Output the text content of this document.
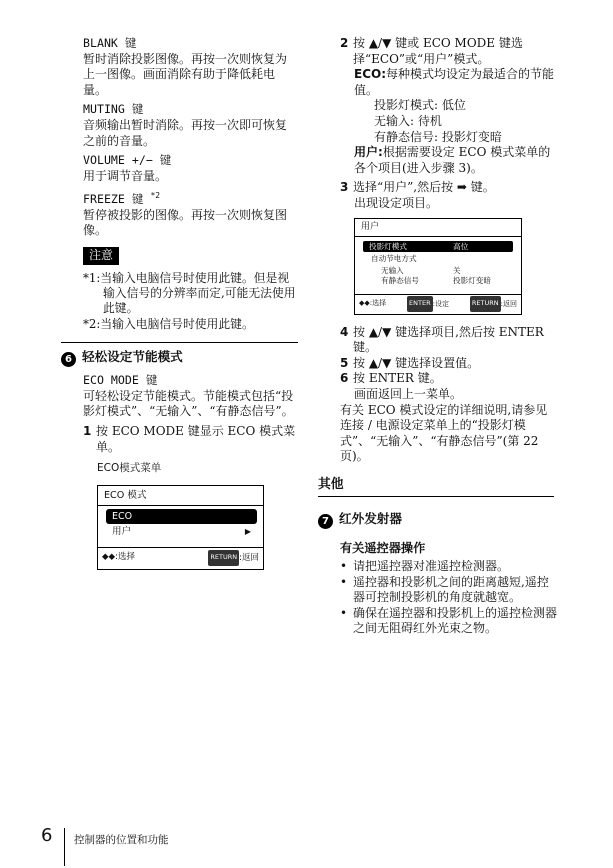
BLANK 键
暂时消除投影图像。再按一次则恢复为上一图像。画面消除有助于降低耗电量。
MUTING 键
音频输出暂时消除。再按一次即可恢复之前的音量。
VOLUME +/− 键
用于调节音量。
FREEZE 键 $^{*2}$
暂停被投影的图像。再按一次则恢复图像。
注意
*1:当输入电脑信号时使用此键。但是视输入信号的分辨率而定,可能无法使用此键。
*2:当输入电脑信号时使用此键。
6 轻松设定节能模式
ECO MODE 键
可轻松设定节能模式。节能模式包括“投影灯模式”、“无输入”、“有静态信号”。
1 按 ECO MODE 键显示 ECO 模式菜单。
ECO模式菜单
ECO 模式
ECO
用户	▶
◆◆:选择	RETURN :返回
2 按 ▲/▼ 键或 ECO MODE 键选择“ECO”或“用户”模式。
ECO:每种模式均设定为最适合的节能值。
投影灯模式: 低位
无输入: 待机
有静态信号: 投影灯变暗
用户:根据需要设定 ECO 模式菜单的各个项目(进入步骤 3)。
3 选择“用户”,然后按 ➡ 键。
出现设定项目。
用户
投影灯模式	高位
自动节电方式
无输入	关
有静态信号	投影灯变暗
◆◆:选择	ENTER :设定	RETURN :返回
4 按 ▲/▼ 键选择项目,然后按 ENTER 键。
5 按 ▲/▼ 键选择设置值。
6 按 ENTER 键。
画面返回上一菜单。
有关 ECO 模式设定的详细说明,请参见连接 / 电源设定菜单上的“投影灯模式”、“无输入”、“有静态信号”(第 22 页)。
其他
7 红外发射器
有关遥控器操作
• 请把遥控器对准遥控检测器。
• 遥控器和投影机之间的距离越短,遥控器可控制投影机的角度就越宽。
• 确保在遥控器和投影机上的遥控检测器之间无阻碍红外光束之物。
6 控制器的位置和功能
